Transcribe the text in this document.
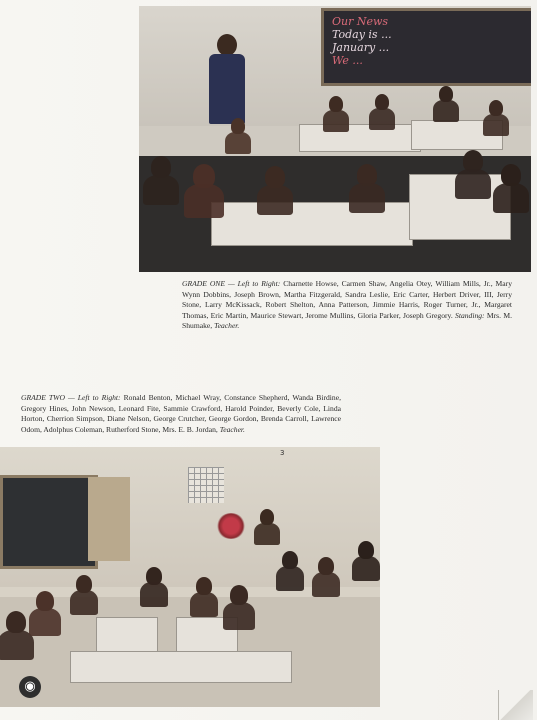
Our News
Today is ...
January ...
We ...
GRADE ONE — Left to Right: Charnette Howse, Carmen Shaw, Angelia Otey, William Mills, Jr., Mary Wynn Dobbins, Joseph Brown, Martha Fitzgerald, Sandra Leslie, Eric Carter, Herbert Driver, III, Jerry Stone, Larry McKissack, Robert Shelton, Anna Patterson, Jimmie Harris, Roger Turner, Jr., Margaret Thomas, Eric Martin, Maurice Stewart, Jerome Mullins, Gloria Parker, Joseph Gregory. Standing: Mrs. M. Shumake, Teacher.
GRADE TWO — Left to Right: Ronald Benton, Michael Wray, Constance Shepherd, Wanda Birdine, Gregory Hines, John Newson, Leonard Fite, Sammie Crawford, Harold Poinder, Beverly Cole, Linda Horton, Cherrion Simpson, Diane Nelson, George Crutcher, George Gordon, Brenda Carroll, Lawrence Odom, Adolphus Coleman, Rutherford Stone, Mrs. E. B. Jordan, Teacher.
3
◉
